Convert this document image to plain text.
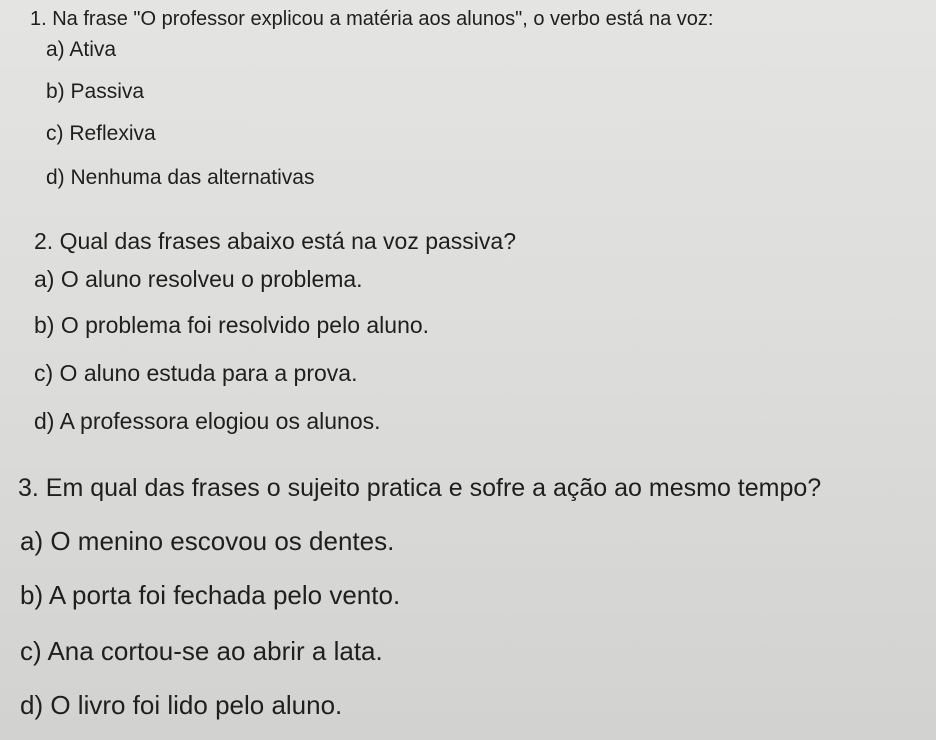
1. Na frase "O professor explicou a matéria aos alunos", o verbo está na voz:

a) Ativa

b) Passiva

c) Reflexiva

d) Nenhuma das alternativas

2. Qual das frases abaixo está na voz passiva?

a) O aluno resolveu o problema.

b) O problema foi resolvido pelo aluno.

c) O aluno estuda para a prova.

d) A professora elogiou os alunos.

3. Em qual das frases o sujeito pratica e sofre a ação ao mesmo tempo?

a) O menino escovou os dentes.

b) A porta foi fechada pelo vento.

c) Ana cortou-se ao abrir a lata.

d) O livro foi lido pelo aluno.
